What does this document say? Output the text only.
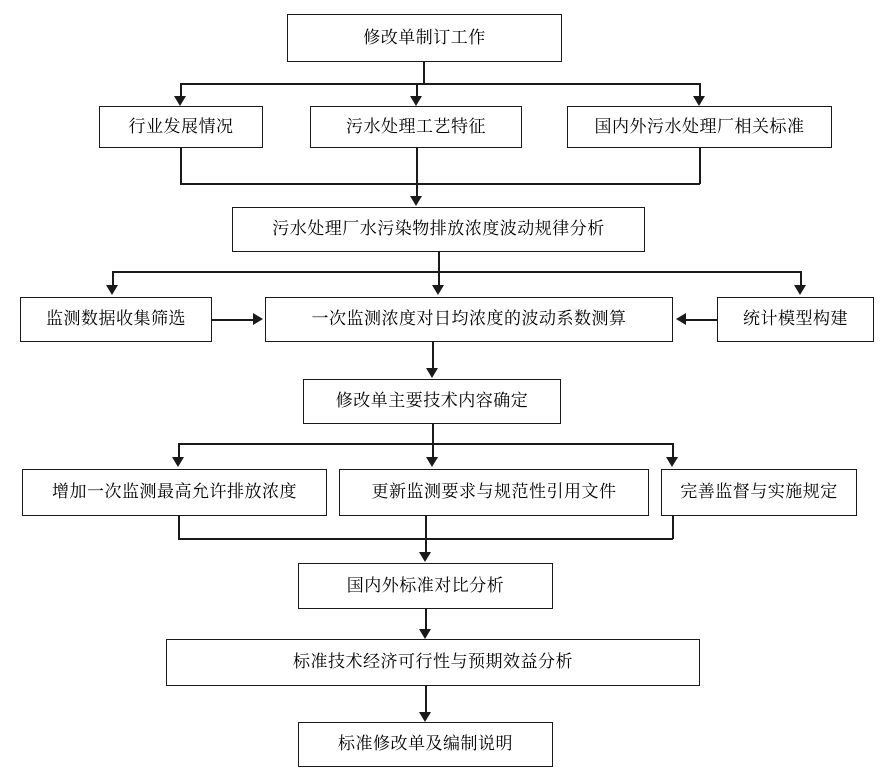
修改单制订工作
行业发展情况	污水处理工艺特征	国内外污水处理厂相关标准
污水处理厂水污染物排放浓度波动规律分析
监测数据收集筛选	一次监测浓度对日均浓度的波动系数测算	统计模型构建
修改单主要技术内容确定
增加一次监测最高允许排放浓度	更新监测要求与规范性引用文件	完善监督与实施规定
国内外标准对比分析
标准技术经济可行性与预期效益分析
标准修改单及编制说明
